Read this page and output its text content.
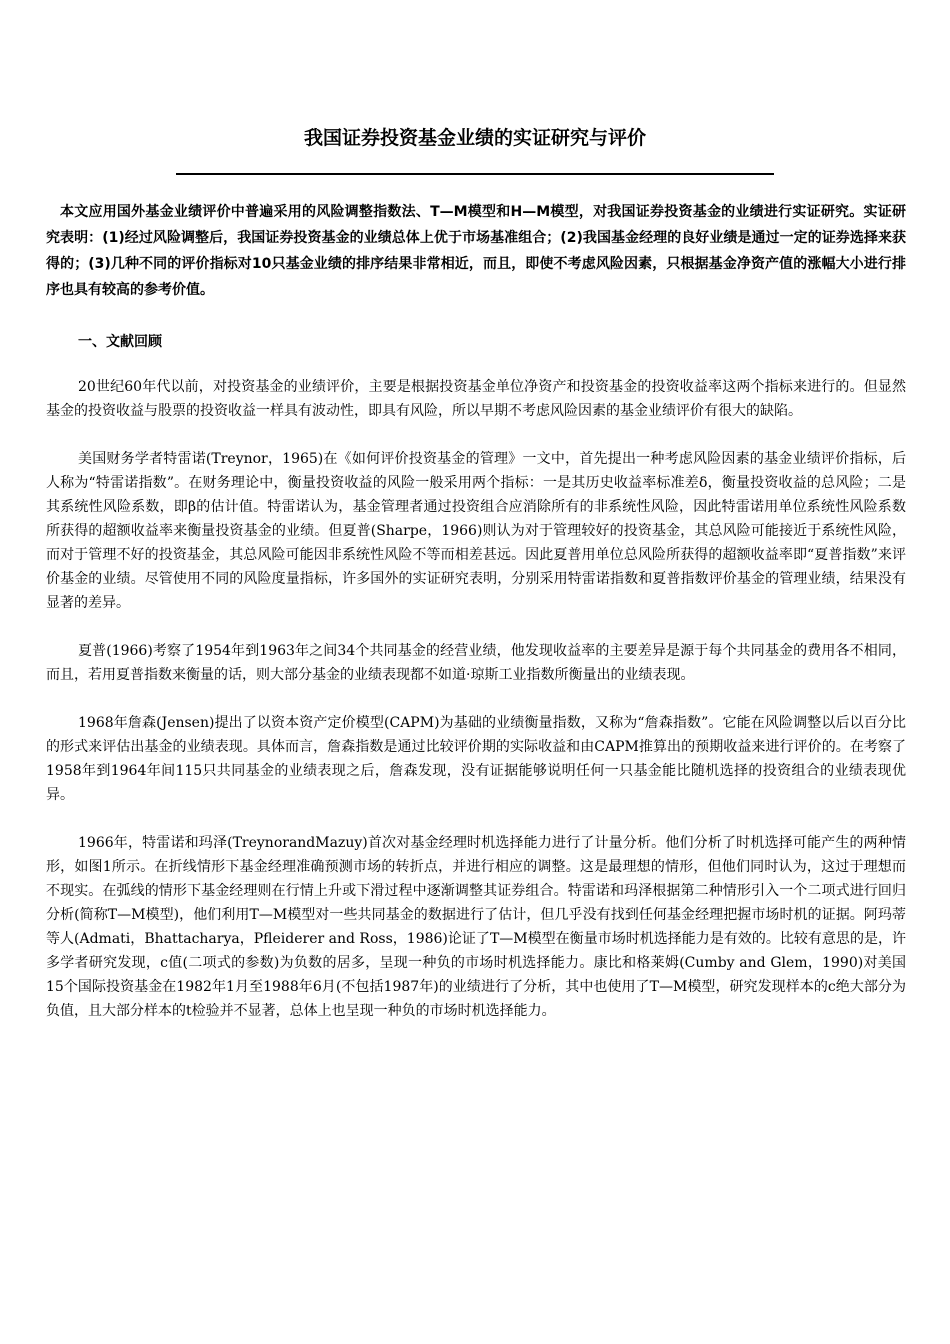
我国证券投资基金业绩的实证研究与评价

本文应用国外基金业绩评价中普遍采用的风险调整指数法、T—M模型和H—M模型，对我国证券投资基金的业绩进行实证研究。实证研究表明：(1)经过风险调整后，我国证券投资基金的业绩总体上优于市场基准组合；(2)我国基金经理的良好业绩是通过一定的证券选择来获得的；(3)几种不同的评价指标对10只基金业绩的排序结果非常相近，而且，即使不考虑风险因素，只根据基金净资产值的涨幅大小进行排序也具有较高的参考价值。

一、文献回顾

20世纪60年代以前，对投资基金的业绩评价，主要是根据投资基金单位净资产和投资基金的投资收益率这两个指标来进行的。但显然基金的投资收益与股票的投资收益一样具有波动性，即具有风险，所以早期不考虑风险因素的基金业绩评价有很大的缺陷。

美国财务学者特雷诺(Treynor，1965)在《如何评价投资基金的管理》一文中，首先提出一种考虑风险因素的基金业绩评价指标，后人称为“特雷诺指数”。在财务理论中，衡量投资收益的风险一般采用两个指标：一是其历史收益率标准差δ，衡量投资收益的总风险；二是其系统性风险系数，即β的估计值。特雷诺认为，基金管理者通过投资组合应消除所有的非系统性风险，因此特雷诺用单位系统性风险系数所获得的超额收益率来衡量投资基金的业绩。但夏普(Sharpe，1966)则认为对于管理较好的投资基金，其总风险可能接近于系统性风险，而对于管理不好的投资基金，其总风险可能因非系统性风险不等而相差甚远。因此夏普用单位总风险所获得的超额收益率即“夏普指数”来评价基金的业绩。尽管使用不同的风险度量指标，许多国外的实证研究表明，分别采用特雷诺指数和夏普指数评价基金的管理业绩，结果没有显著的差异。

夏普(1966)考察了1954年到1963年之间34个共同基金的经营业绩，他发现收益率的主要差异是源于每个共同基金的费用各不相同，而且，若用夏普指数来衡量的话，则大部分基金的业绩表现都不如道·琼斯工业指数所衡量出的业绩表现。

1968年詹森(Jensen)提出了以资本资产定价模型(CAPM)为基础的业绩衡量指数，又称为“詹森指数”。它能在风险调整以后以百分比的形式来评估出基金的业绩表现。具体而言，詹森指数是通过比较评价期的实际收益和由CAPM推算出的预期收益来进行评价的。在考察了1958年到1964年间115只共同基金的业绩表现之后，詹森发现，没有证据能够说明任何一只基金能比随机选择的投资组合的业绩表现优异。

1966年，特雷诺和玛泽(TreynorandMazuy)首次对基金经理时机选择能力进行了计量分析。他们分析了时机选择可能产生的两种情形，如图1所示。在折线情形下基金经理准确预测市场的转折点，并进行相应的调整。这是最理想的情形，但他们同时认为，这过于理想而不现实。在弧线的情形下基金经理则在行情上升或下滑过程中逐渐调整其证券组合。特雷诺和玛泽根据第二种情形引入一个二项式进行回归分析(简称T—M模型)，他们利用T—M模型对一些共同基金的数据进行了估计，但几乎没有找到任何基金经理把握市场时机的证据。阿玛蒂等人(Admati，Bhattacharya，Pfleiderer and Ross，1986)论证了T—M模型在衡量市场时机选择能力是有效的。比较有意思的是，许多学者研究发现，c值(二项式的参数)为负数的居多，呈现一种负的市场时机选择能力。康比和格莱姆(Cumby and Glem，1990)对美国15个国际投资基金在1982年1月至1988年6月(不包括1987年)的业绩进行了分析，其中也使用了T—M模型，研究发现样本的c绝大部分为负值，且大部分样本的t检验并不显著，总体上也呈现一种负的市场时机选择能力。
